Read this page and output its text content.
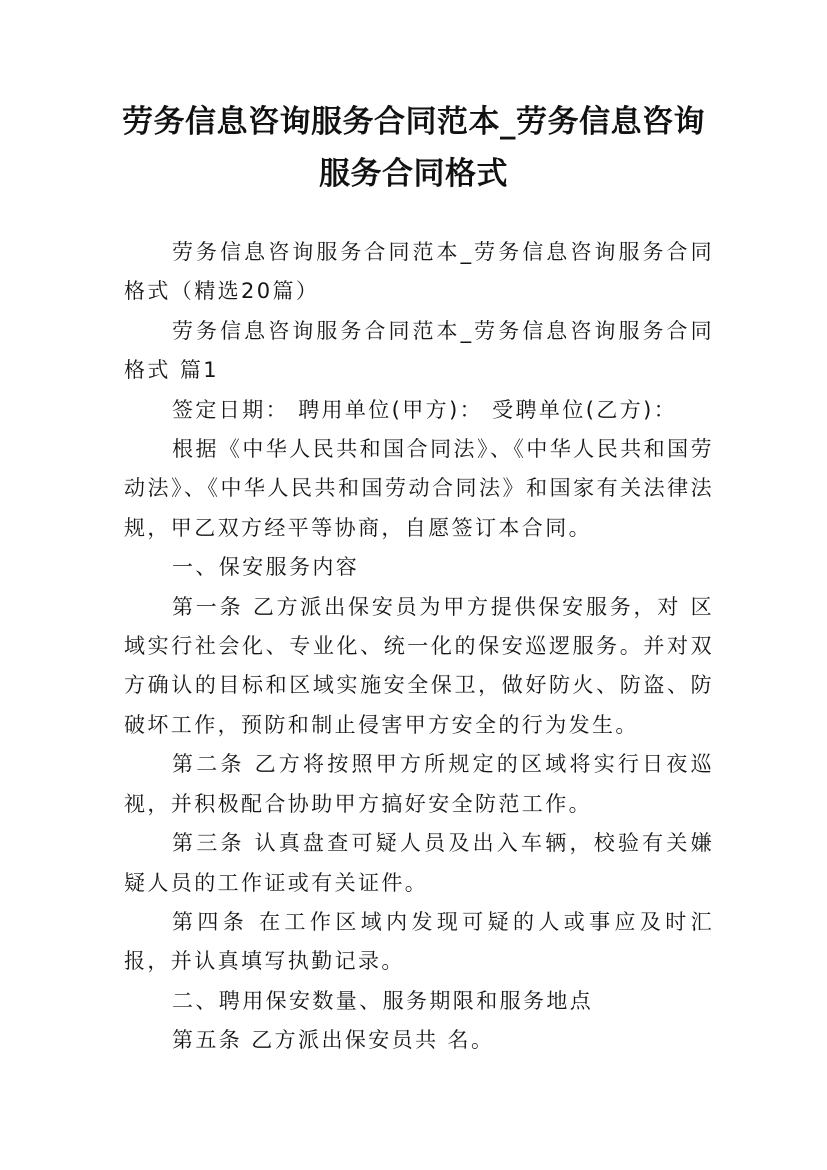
劳务信息咨询服务合同范本_劳务信息咨询服务合同格式

劳务信息咨询服务合同范本_劳务信息咨询服务合同格式（精选20篇）

劳务信息咨询服务合同范本_劳务信息咨询服务合同格式 篇1

签定日期： 聘用单位(甲方)： 受聘单位(乙方)：

根据《中华人民共和国合同法》、《中华人民共和国劳动法》、《中华人民共和国劳动合同法》和国家有关法律法规，甲乙双方经平等协商，自愿签订本合同。

一、保安服务内容

第一条 乙方派出保安员为甲方提供保安服务，对 区域实行社会化、专业化、统一化的保安巡逻服务。并对双方确认的目标和区域实施安全保卫，做好防火、防盗、防破坏工作，预防和制止侵害甲方安全的行为发生。

第二条 乙方将按照甲方所规定的区域将实行日夜巡视，并积极配合协助甲方搞好安全防范工作。

第三条 认真盘查可疑人员及出入车辆，校验有关嫌疑人员的工作证或有关证件。

第四条 在工作区域内发现可疑的人或事应及时汇报，并认真填写执勤记录。

二、聘用保安数量、服务期限和服务地点

第五条 乙方派出保安员共 名。
